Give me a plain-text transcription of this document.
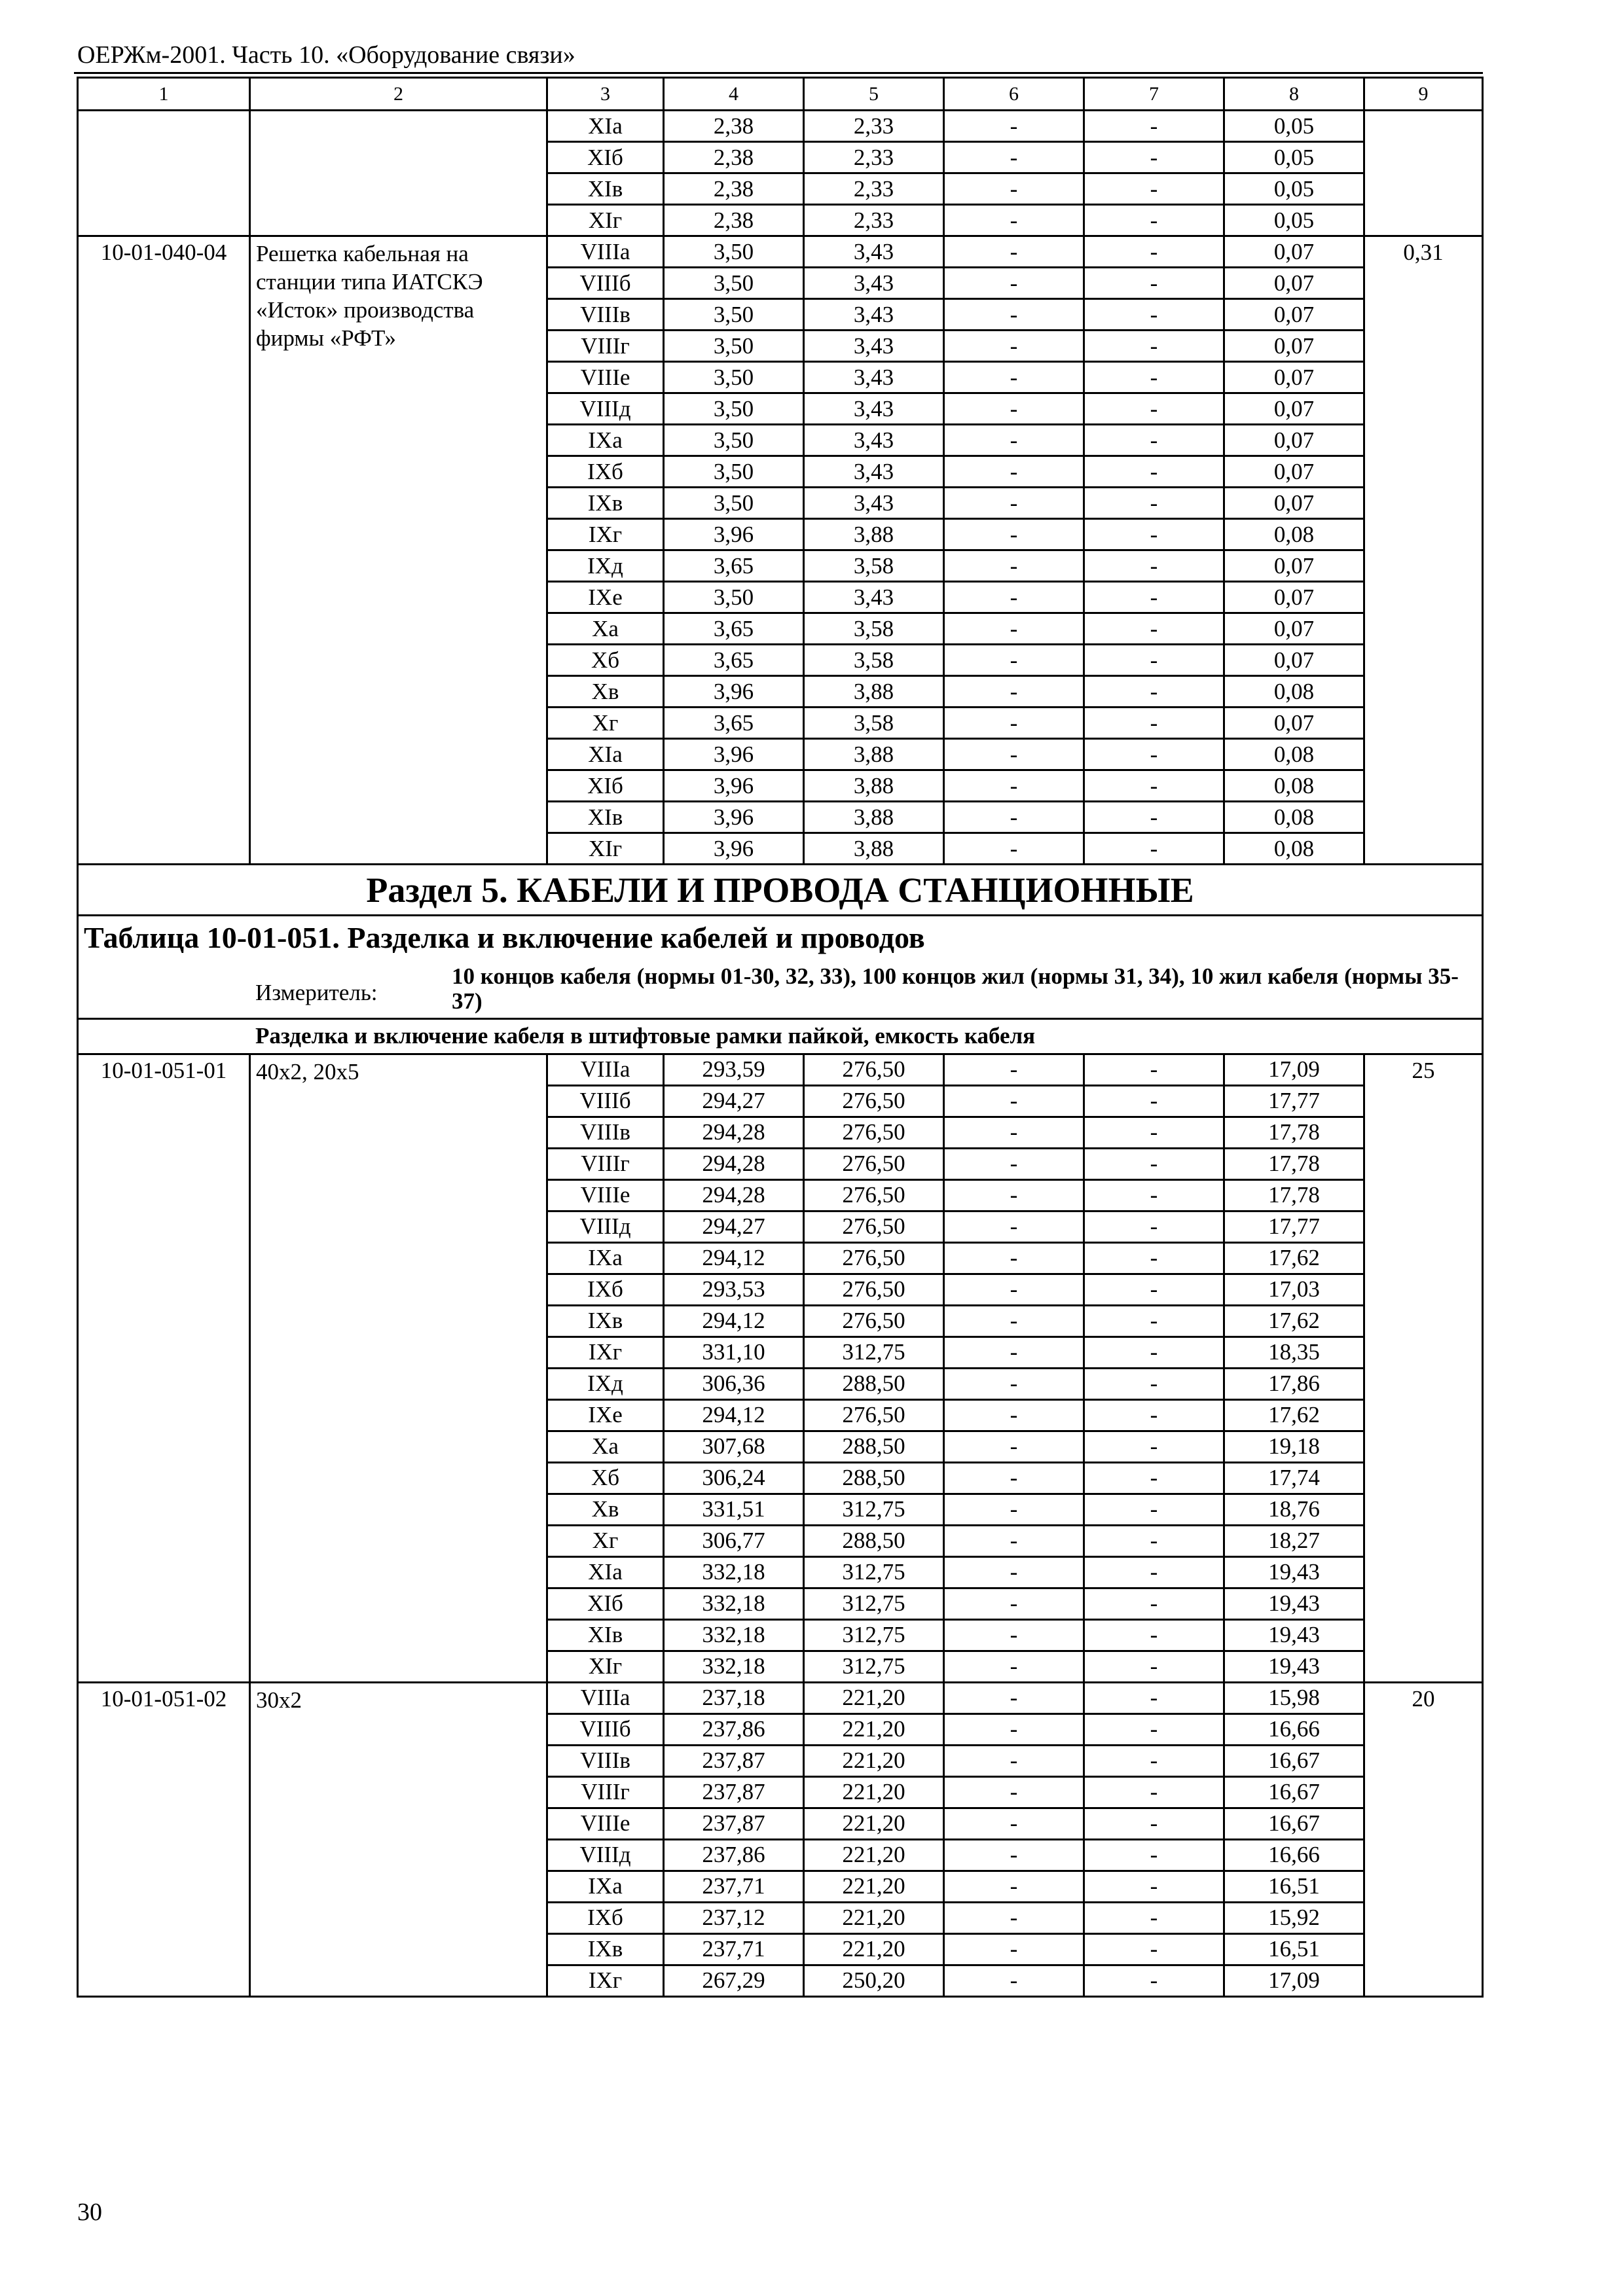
ОЕРЖм-2001. Часть 10. «Оборудование связи»
1	2	3	4	5	6	7	8	9
		XIа	2,38	2,33	-	-	0,05	
		XIб	2,38	2,33	-	-	0,05	
		XIв	2,38	2,33	-	-	0,05	
		XIг	2,38	2,33	-	-	0,05	
10-01-040-04	Решетка кабельная на станции типа ИАТСКЭ «Исток» производства фирмы «РФТ»	VIIIа	3,50	3,43	-	-	0,07	0,31
		VIIIб	3,50	3,43	-	-	0,07	
		VIIIв	3,50	3,43	-	-	0,07	
		VIIIг	3,50	3,43	-	-	0,07	
		VIIIе	3,50	3,43	-	-	0,07	
		VIIIд	3,50	3,43	-	-	0,07	
		IXа	3,50	3,43	-	-	0,07	
		IXб	3,50	3,43	-	-	0,07	
		IXв	3,50	3,43	-	-	0,07	
		IXг	3,96	3,88	-	-	0,08	
		IXд	3,65	3,58	-	-	0,07	
		IXе	3,50	3,43	-	-	0,07	
		Xа	3,65	3,58	-	-	0,07	
		Xб	3,65	3,58	-	-	0,07	
		Xв	3,96	3,88	-	-	0,08	
		Xг	3,65	3,58	-	-	0,07	
		XIа	3,96	3,88	-	-	0,08	
		XIб	3,96	3,88	-	-	0,08	
		XIв	3,96	3,88	-	-	0,08	
		XIг	3,96	3,88	-	-	0,08	
Раздел 5. КАБЕЛИ И ПРОВОДА СТАНЦИОННЫЕ								
Таблица 10-01-051. Разделка и включение кабелей и проводов								

Измеритель:
10 концов кабеля (нормы 01-30, 32, 33), 100 концов жил (нормы 31, 34), 10 жил кабеля (нормы 35-37)								

Разделка и включение кабеля в штифтовые рамки пайкой, емкость кабеля								
10-01-051-01	40x2, 20x5	VIIIа	293,59	276,50	-	-	17,09	25
		VIIIб	294,27	276,50	-	-	17,77	
		VIIIв	294,28	276,50	-	-	17,78	
		VIIIг	294,28	276,50	-	-	17,78	
		VIIIе	294,28	276,50	-	-	17,78	
		VIIIд	294,27	276,50	-	-	17,77	
		IXа	294,12	276,50	-	-	17,62	
		IXб	293,53	276,50	-	-	17,03	
		IXв	294,12	276,50	-	-	17,62	
		IXг	331,10	312,75	-	-	18,35	
		IXд	306,36	288,50	-	-	17,86	
		IXе	294,12	276,50	-	-	17,62	
		Xа	307,68	288,50	-	-	19,18	
		Xб	306,24	288,50	-	-	17,74	
		Xв	331,51	312,75	-	-	18,76	
		Xг	306,77	288,50	-	-	18,27	
		XIа	332,18	312,75	-	-	19,43	
		XIб	332,18	312,75	-	-	19,43	
		XIв	332,18	312,75	-	-	19,43	
		XIг	332,18	312,75	-	-	19,43	
10-01-051-02	30x2	VIIIа	237,18	221,20	-	-	15,98	20
		VIIIб	237,86	221,20	-	-	16,66	
		VIIIв	237,87	221,20	-	-	16,67	
		VIIIг	237,87	221,20	-	-	16,67	
		VIIIе	237,87	221,20	-	-	16,67	
		VIIIд	237,86	221,20	-	-	16,66	
		IXа	237,71	221,20	-	-	16,51	
		IXб	237,12	221,20	-	-	15,92	
		IXв	237,71	221,20	-	-	16,51	
		IXг	267,29	250,20	-	-	17,09	
30
